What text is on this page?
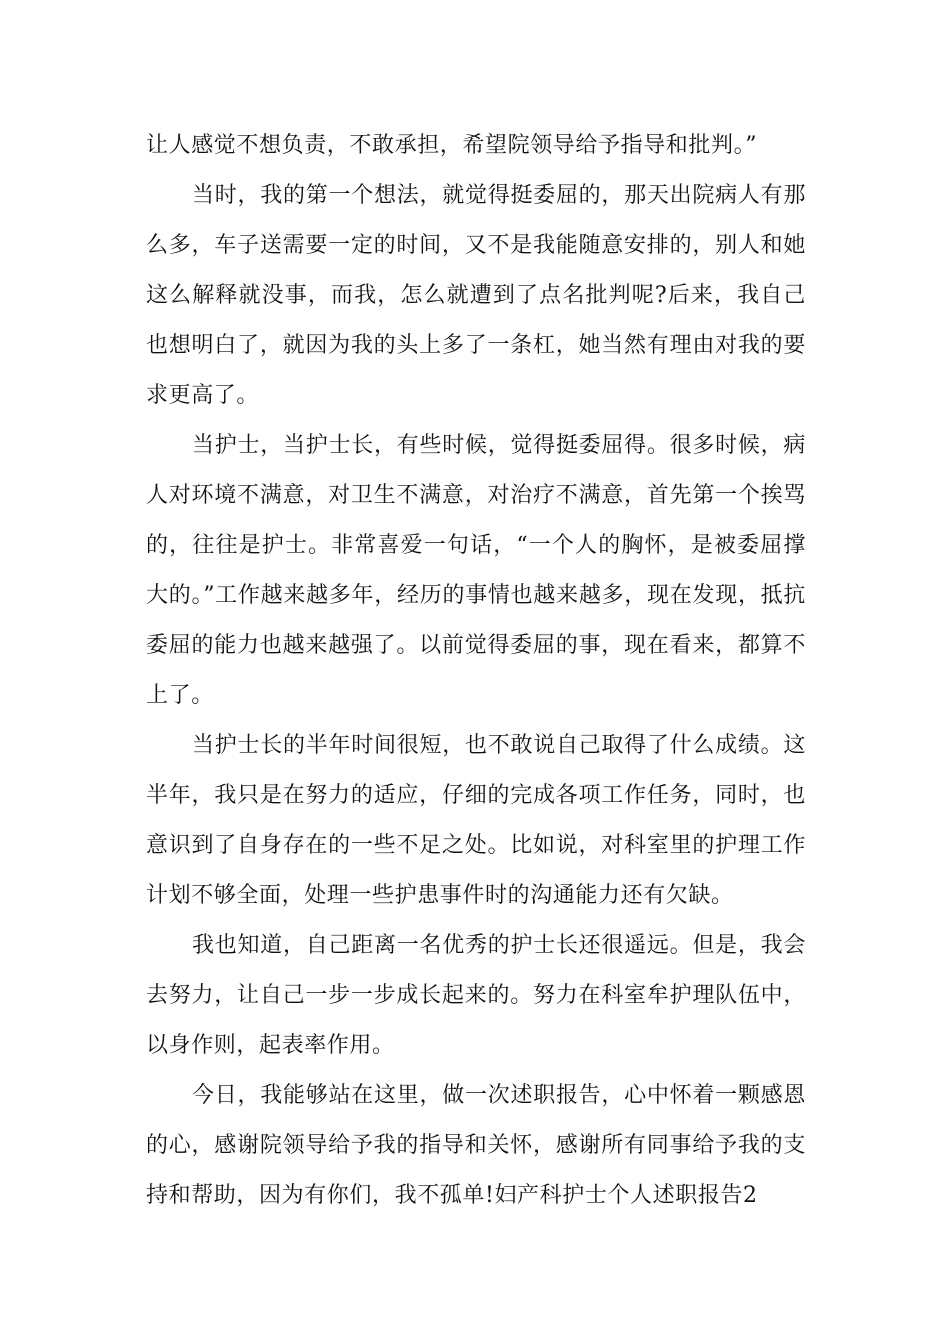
让人感觉不想负责，不敢承担，希望院领导给予指导和批判。”

当时，我的第一个想法，就觉得挺委屈的，那天出院病人有那么多，车子送需要一定的时间，又不是我能随意安排的，别人和她这么解释就没事，而我，怎么就遭到了点名批判呢?后来，我自己也想明白了，就因为我的头上多了一条杠，她当然有理由对我的要求更高了。

当护士，当护士长，有些时候，觉得挺委屈得。很多时候，病人对环境不满意，对卫生不满意，对治疗不满意，首先第一个挨骂的，往往是护士。非常喜爱一句话，“一个人的胸怀，是被委屈撑大的。”工作越来越多年，经历的事情也越来越多，现在发现，抵抗委屈的能力也越来越强了。以前觉得委屈的事，现在看来，都算不上了。

当护士长的半年时间很短，也不敢说自己取得了什么成绩。这半年，我只是在努力的适应，仔细的完成各项工作任务，同时，也意识到了自身存在的一些不足之处。比如说，对科室里的护理工作计划不够全面，处理一些护患事件时的沟通能力还有欠缺。

我也知道，自己距离一名优秀的护士长还很遥远。但是，我会去努力，让自己一步一步成长起来的。努力在科室牟护理队伍中，以身作则，起表率作用。

今日，我能够站在这里，做一次述职报告，心中怀着一颗感恩的心，感谢院领导给予我的指导和关怀，感谢所有同事给予我的支持和帮助，因为有你们，我不孤单!妇产科护士个人述职报告2
